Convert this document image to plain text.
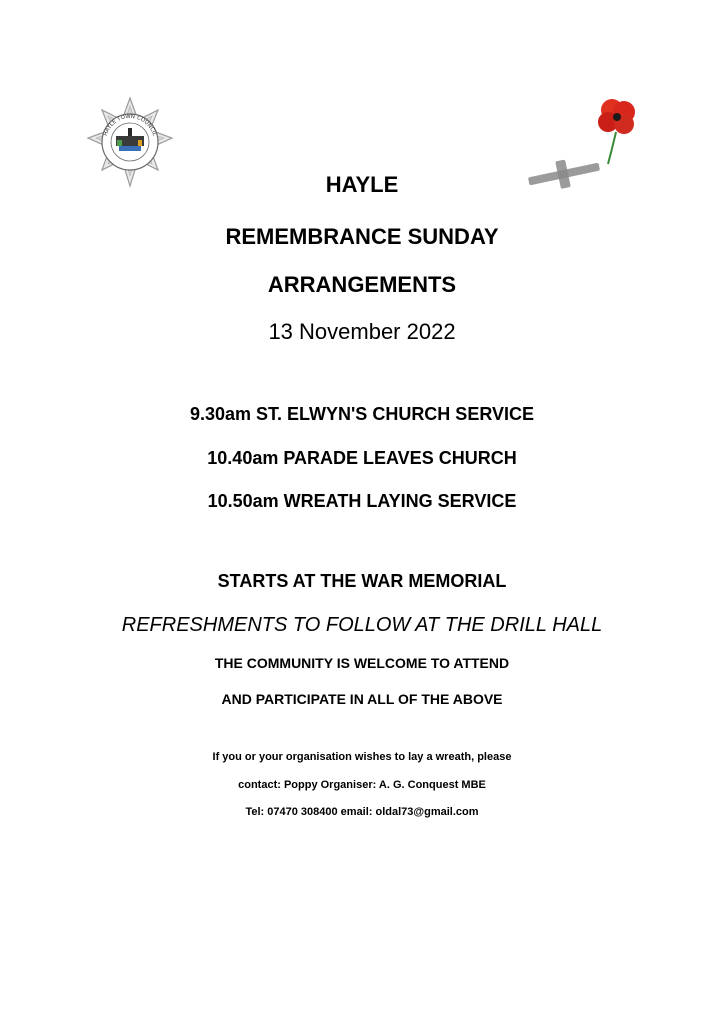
HAYLE TOWN COUNCIL
HAYLE
REMEMBRANCE SUNDAY
ARRANGEMENTS
13 November 2022
9.30am ST. ELWYN'S CHURCH SERVICE
10.40am PARADE LEAVES CHURCH
10.50am WREATH LAYING SERVICE
STARTS AT THE WAR MEMORIAL
REFRESHMENTS TO FOLLOW AT THE DRILL HALL
THE COMMUNITY IS WELCOME TO ATTEND
AND PARTICIPATE IN ALL OF THE ABOVE
If you or your organisation wishes to lay a wreath, please
contact: Poppy Organiser: A. G. Conquest MBE
Tel: 07470 308400 email: oldal73@gmail.com
